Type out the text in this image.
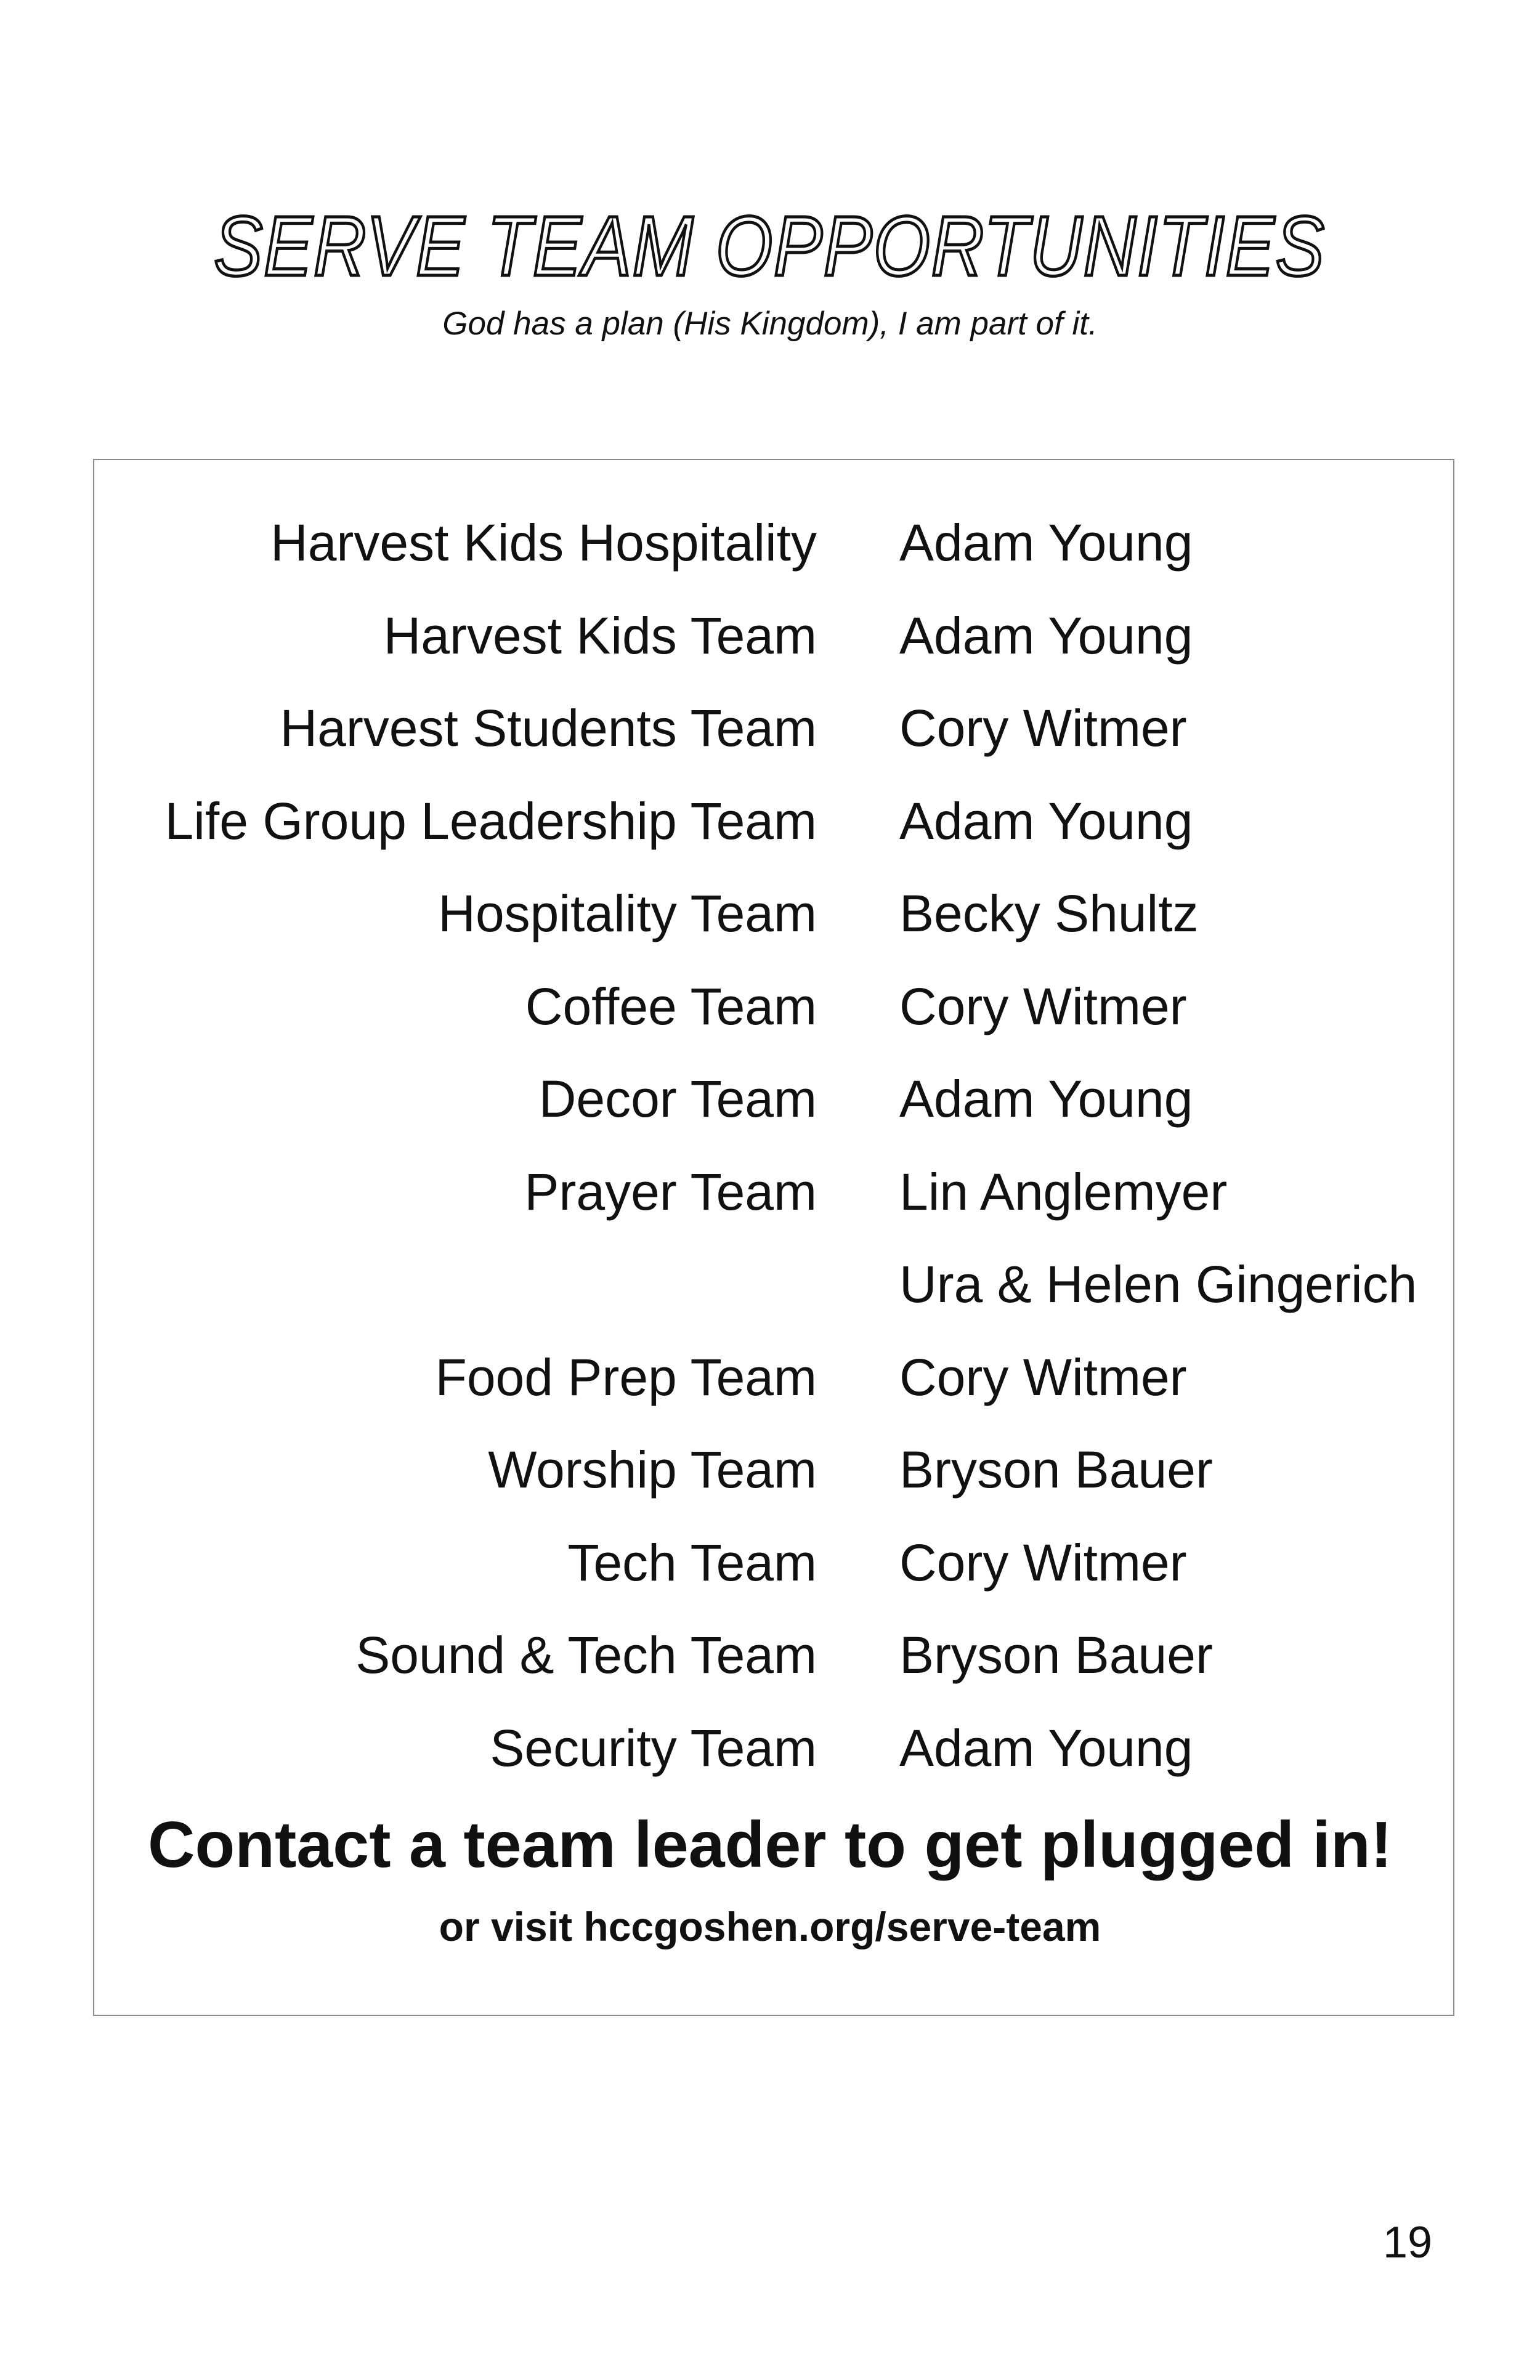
SERVE TEAM OPPORTUNITIES
God has a plan (His Kingdom), I am part of it.
Harvest Kids Hospitality Adam Young
Harvest Kids Team Adam Young
Harvest Students Team Cory Witmer
Life Group Leadership Team Adam Young
Hospitality Team Becky Shultz
Coffee Team Cory Witmer
Decor Team Adam Young
Prayer Team Lin Anglemyer
Ura & Helen Gingerich
Food Prep Team Cory Witmer
Worship Team Bryson Bauer
Tech Team Cory Witmer
Sound & Tech Team Bryson Bauer
Security Team Adam Young
Contact a team leader to get plugged in!
or visit hccgoshen.org/serve-team
19
